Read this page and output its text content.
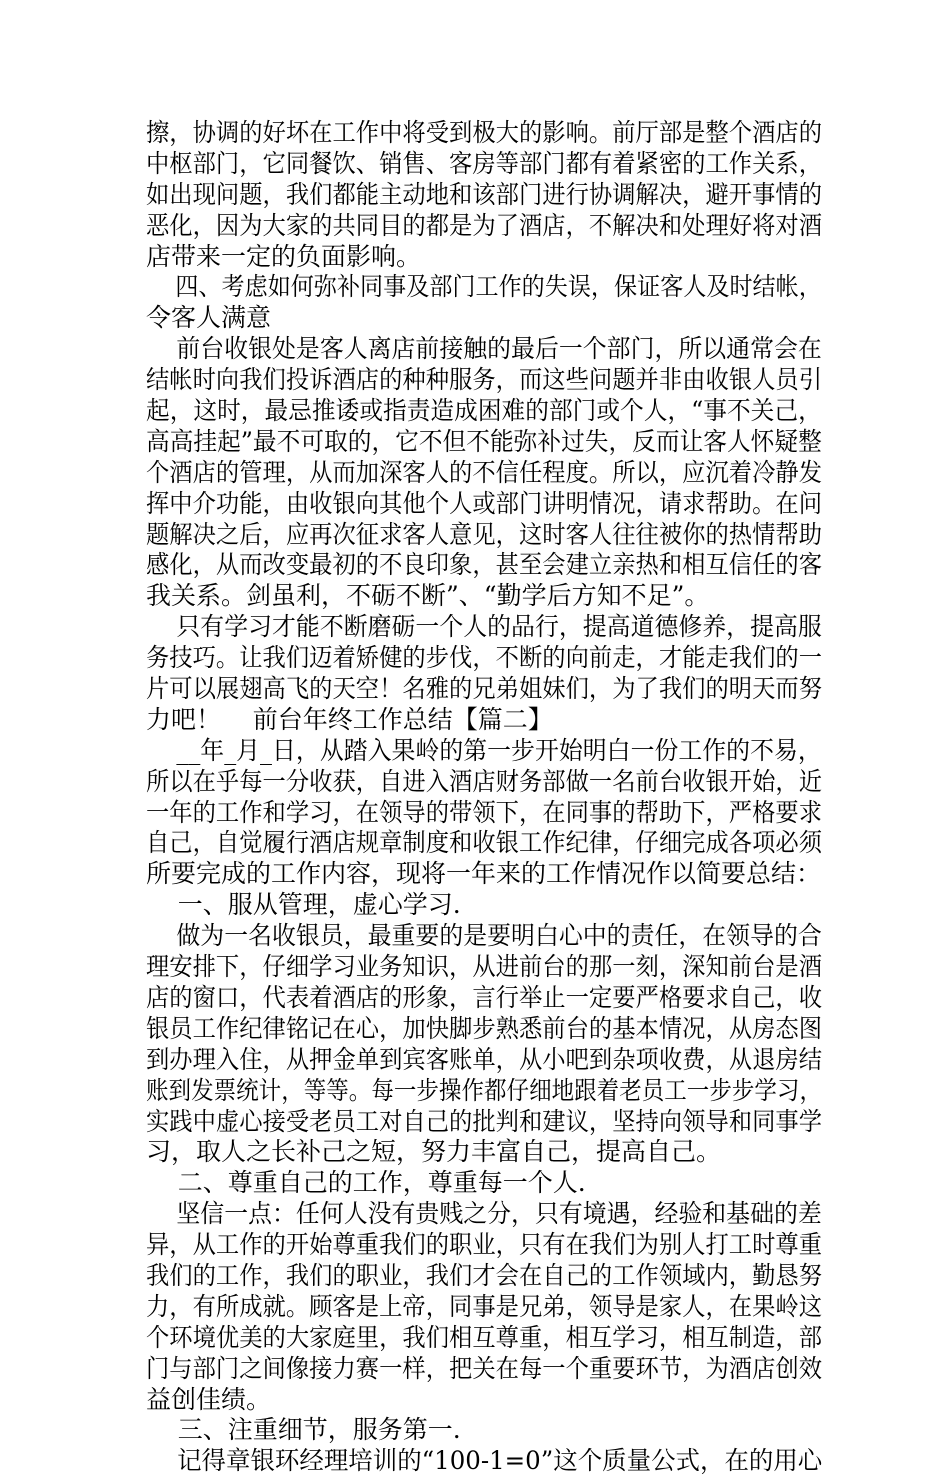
擦，协调的好坏在工作中将受到极大的影响。前厅部是整个酒店的
中枢部门，它同餐饮、销售、客房等部门都有着紧密的工作关系，
如出现问题，我们都能主动地和该部门进行协调解决，避开事情的
恶化，因为大家的共同目的都是为了酒店，不解决和处理好将对酒
店带来一定的负面影响。
四、考虑如何弥补同事及部门工作的失误，保证客人及时结帐，
令客人满意
前台收银处是客人离店前接触的最后一个部门，所以通常会在
结帐时向我们投诉酒店的种种服务，而这些问题并非由收银人员引
起，这时，最忌推诿或指责造成困难的部门或个人，“事不关己，
高高挂起”最不可取的，它不但不能弥补过失，反而让客人怀疑整
个酒店的管理，从而加深客人的不信任程度。所以，应沉着冷静发
挥中介功能，由收银向其他个人或部门讲明情况，请求帮助。在问
题解决之后，应再次征求客人意见，这时客人往往被你的热情帮助
感化，从而改变最初的不良印象，甚至会建立亲热和相互信任的客
我关系。剑虽利，不砺不断”、“勤学后方知不足”。
只有学习才能不断磨砺一个人的品行，提高道德修养，提高服
务技巧。让我们迈着矫健的步伐，不断的向前走，才能走我们的一
片可以展翅高飞的天空！名雅的兄弟姐妹们，为了我们的明天而努
力吧！    前台年终工作总结【篇二】
__年_月_日，从踏入果岭的第一步开始明白一份工作的不易，
所以在乎每一分收获，自进入酒店财务部做一名前台收银开始，近
一年的工作和学习，在领导的带领下，在同事的帮助下，严格要求
自己，自觉履行酒店规章制度和收银工作纪律，仔细完成各项必须
所要完成的工作内容，现将一年来的工作情况作以简要总结：
一、服从管理，虚心学习.
做为一名收银员，最重要的是要明白心中的责任，在领导的合
理安排下，仔细学习业务知识，从进前台的那一刻，深知前台是酒
店的窗口，代表着酒店的形象，言行举止一定要严格要求自己，收
银员工作纪律铭记在心，加快脚步熟悉前台的基本情况，从房态图
到办理入住，从押金单到宾客账单，从小吧到杂项收费，从退房结
账到发票统计，等等。每一步操作都仔细地跟着老员工一步步学习，
实践中虚心接受老员工对自己的批判和建议，坚持向领导和同事学
习，取人之长补己之短，努力丰富自己，提高自己。
二、尊重自己的工作，尊重每一个人.
坚信一点：任何人没有贵贱之分，只有境遇，经验和基础的差
异，从工作的开始尊重我们的职业，只有在我们为别人打工时尊重
我们的工作，我们的职业，我们才会在自己的工作领域内，勤恳努
力，有所成就。顾客是上帝，同事是兄弟，领导是家人，在果岭这
个环境优美的大家庭里，我们相互尊重，相互学习，相互制造，部
门与部门之间像接力赛一样，把关在每一个重要环节，为酒店创效
益创佳绩。
三、注重细节，服务第一.
记得章银环经理培训的“100-1=0”这个质量公式，在的用心
